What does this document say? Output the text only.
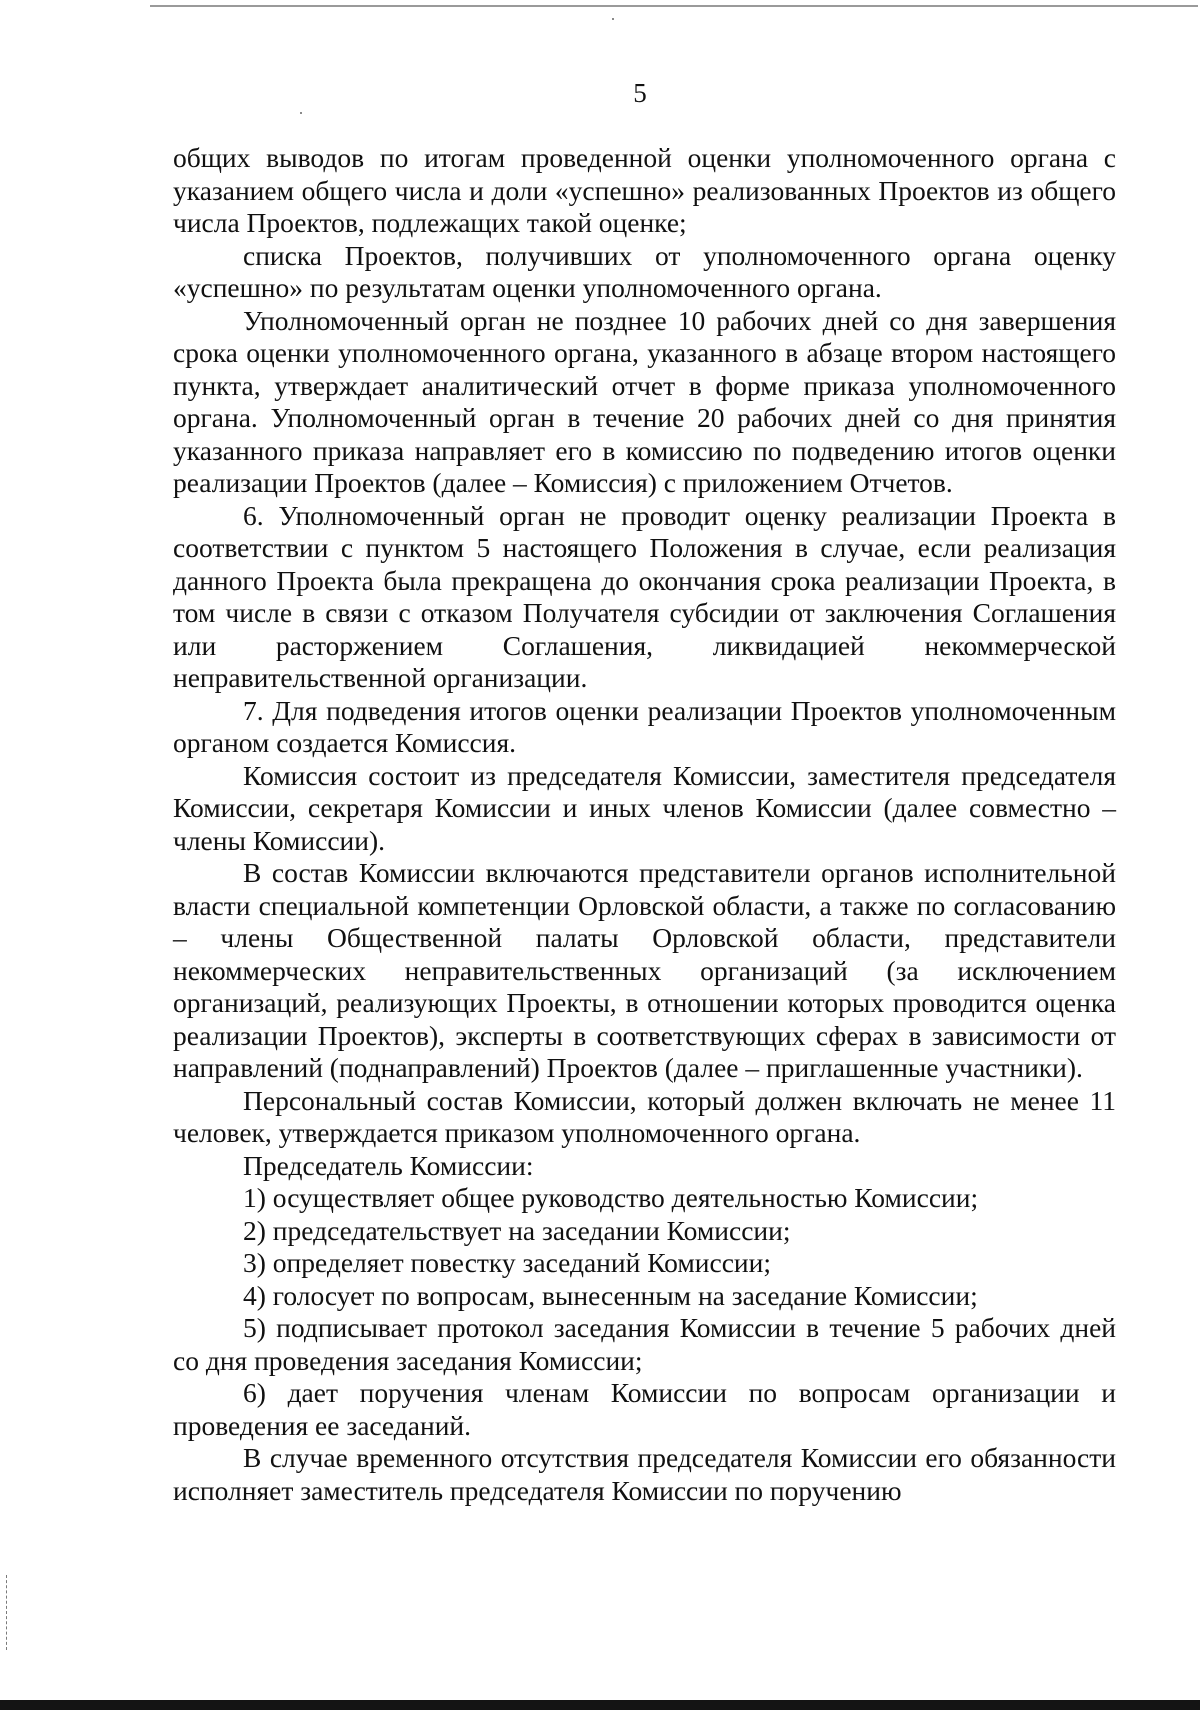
5

общих выводов по итогам проведенной оценки уполномоченного органа с указанием общего числа и доли «успешно» реализованных Проектов из общего числа Проектов, подлежащих такой оценке;

списка Проектов, получивших от уполномоченного органа оценку «успешно» по результатам оценки уполномоченного органа.

Уполномоченный орган не позднее 10 рабочих дней со дня завершения срока оценки уполномоченного органа, указанного в абзаце втором настоящего пункта, утверждает аналитический отчет в форме приказа уполномоченного органа. Уполномоченный орган в течение 20 рабочих дней со дня принятия указанного приказа направляет его в комиссию по подведению итогов оценки реализации Проектов (далее – Комиссия) с приложением Отчетов.

6. Уполномоченный орган не проводит оценку реализации Проекта в соответствии с пунктом 5 настоящего Положения в случае, если реализация данного Проекта была прекращена до окончания срока реализации Проекта, в том числе в связи с отказом Получателя субсидии от заключения Соглашения или расторжением Соглашения, ликвидацией некоммерческой неправительственной организации.

7. Для подведения итогов оценки реализации Проектов уполномоченным органом создается Комиссия.

Комиссия состоит из председателя Комиссии, заместителя председателя Комиссии, секретаря Комиссии и иных членов Комиссии (далее совместно – члены Комиссии).

В состав Комиссии включаются представители органов исполнительной власти специальной компетенции Орловской области, а также по согласованию – члены Общественной палаты Орловской области, представители некоммерческих неправительственных организаций (за исключением организаций, реализующих Проекты, в отношении которых проводится оценка реализации Проектов), эксперты в соответствующих сферах в зависимости от направлений (поднаправлений) Проектов (далее – приглашенные участники).

Персональный состав Комиссии, который должен включать не менее 11 человек, утверждается приказом уполномоченного органа.

Председатель Комиссии:

1) осуществляет общее руководство деятельностью Комиссии;

2) председательствует на заседании Комиссии;

3) определяет повестку заседаний Комиссии;

4) голосует по вопросам, вынесенным на заседание Комиссии;

5) подписывает протокол заседания Комиссии в течение 5 рабочих дней со дня проведения заседания Комиссии;

6) дает поручения членам Комиссии по вопросам организации и проведения ее заседаний.

В случае временного отсутствия председателя Комиссии его обязанности исполняет заместитель председателя Комиссии по поручению
